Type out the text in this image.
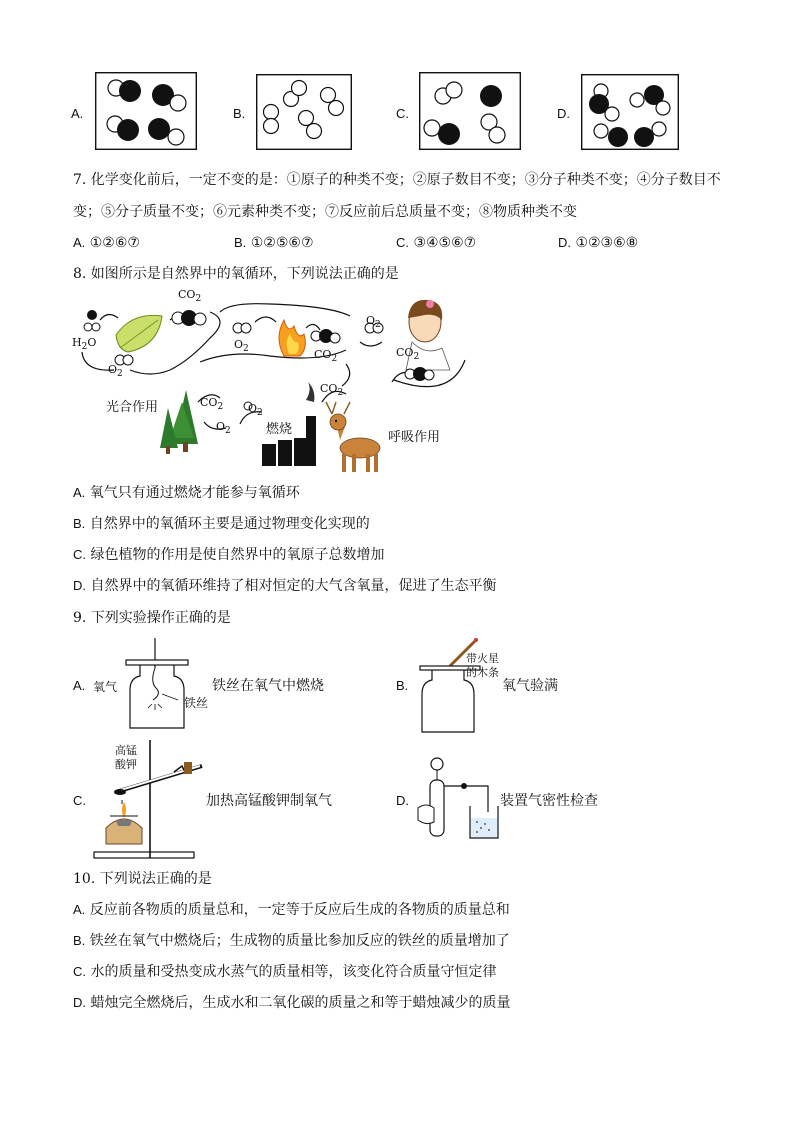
A.	B.	C.	D.
7. 化学变化前后，一定不变的是：①原子的种类不变；②原子数目不变；③分子种类不变；④分子数目不
变；⑤分子质量不变；⑥元素种类不变；⑦反应前后总质量不变；⑧物质种类不变
A. ①②⑥⑦	B. ①②⑤⑥⑦	C. ③④⑤⑥⑦	D. ①②③⑥⑧
8. 如图所示是自然界中的氧循环，下列说法正确的是
$CO_2$
$H_2O$
$O_2$
$O_2$	$CO_2$
$O_2$
$CO_2$
$CO_2$
$CO_2$ $O_2$
$O_2$
光合作用
燃烧
呼吸作用
A. 氧气只有通过燃烧才能参与氧循环
B. 自然界中的氧循环主要是通过物理变化实现的
C. 绿色植物的作用是使自然界中的氧原子总数增加
D. 自然界中的氧循环维持了相对恒定的大气含氧量，促进了生态平衡
9. 下列实验操作正确的是
A. 氧气
铁丝
铁丝在氧气中燃烧	B.
带火星
的木条
氧气验满
C.
高锰
酸钾
加热高锰酸钾制氧气	D.	装置气密性检查
10. 下列说法正确的是
A. 反应前各物质的质量总和，一定等于反应后生成的各物质的质量总和
B. 铁丝在氧气中燃烧后；生成物的质量比参加反应的铁丝的质量增加了
C. 水的质量和受热变成水蒸气的质量相等，该变化符合质量守恒定律
D. 蜡烛完全燃烧后，生成水和二氧化碳的质量之和等于蜡烛减少的质量
